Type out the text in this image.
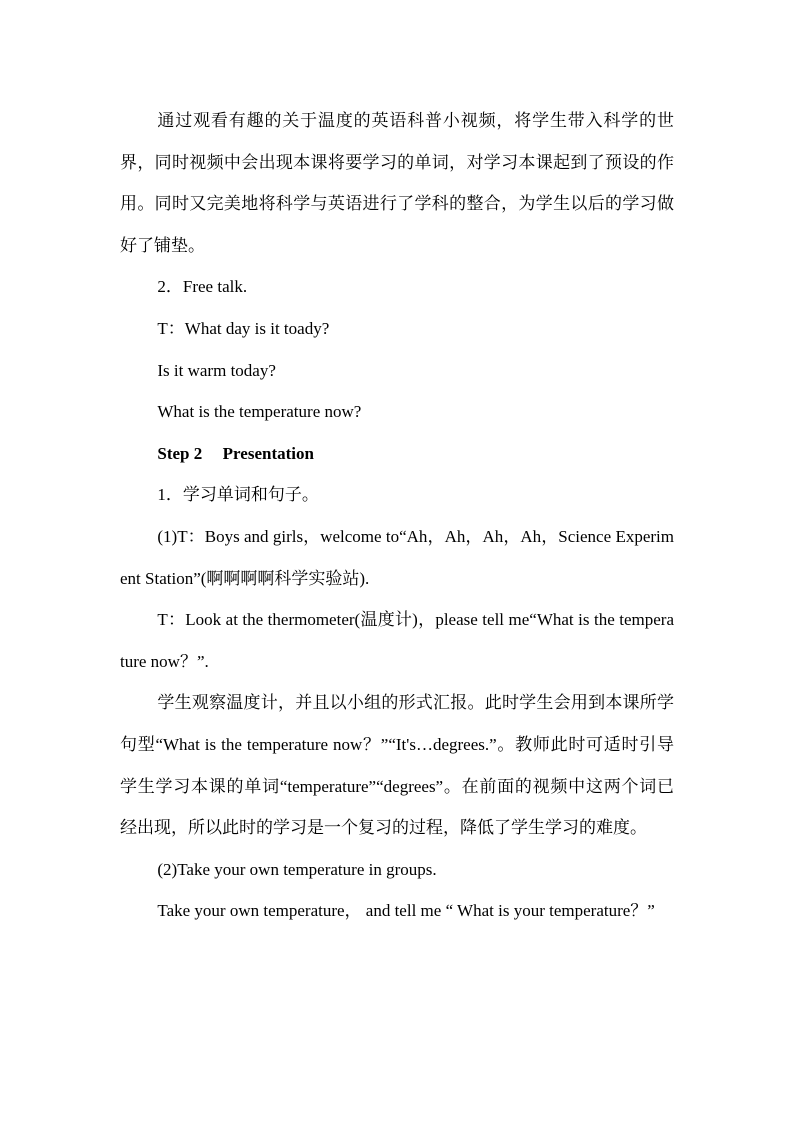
通过观看有趣的关于温度的英语科普小视频，将学生带入科学的世界，同时视频中会出现本课将要学习的单词，对学习本课起到了预设的作用。同时又完美地将科学与英语进行了学科的整合，为学生以后的学习做好了铺垫。

2．Free talk.

T：What day is it toady?

Is it warm today?

What is the temperature now?

Step 2 Presentation

1．学习单词和句子。

(1)T：Boys and girls，welcome to“Ah，Ah，Ah，Ah，Science Experiment Station”(啊啊啊啊科学实验站).

T：Look at the thermometer(温度计)，please tell me“What is the temperature now？”.

学生观察温度计，并且以小组的形式汇报。此时学生会用到本课所学句型“What is the temperature now？”“It's…degrees.”。教师此时可适时引导学生学习本课的单词“temperature”“degrees”。在前面的视频中这两个词已经出现，所以此时的学习是一个复习的过程，降低了学生学习的难度。

(2)Take your own temperature in groups.

Take your own temperature， and tell me “ What is your temperature？”
